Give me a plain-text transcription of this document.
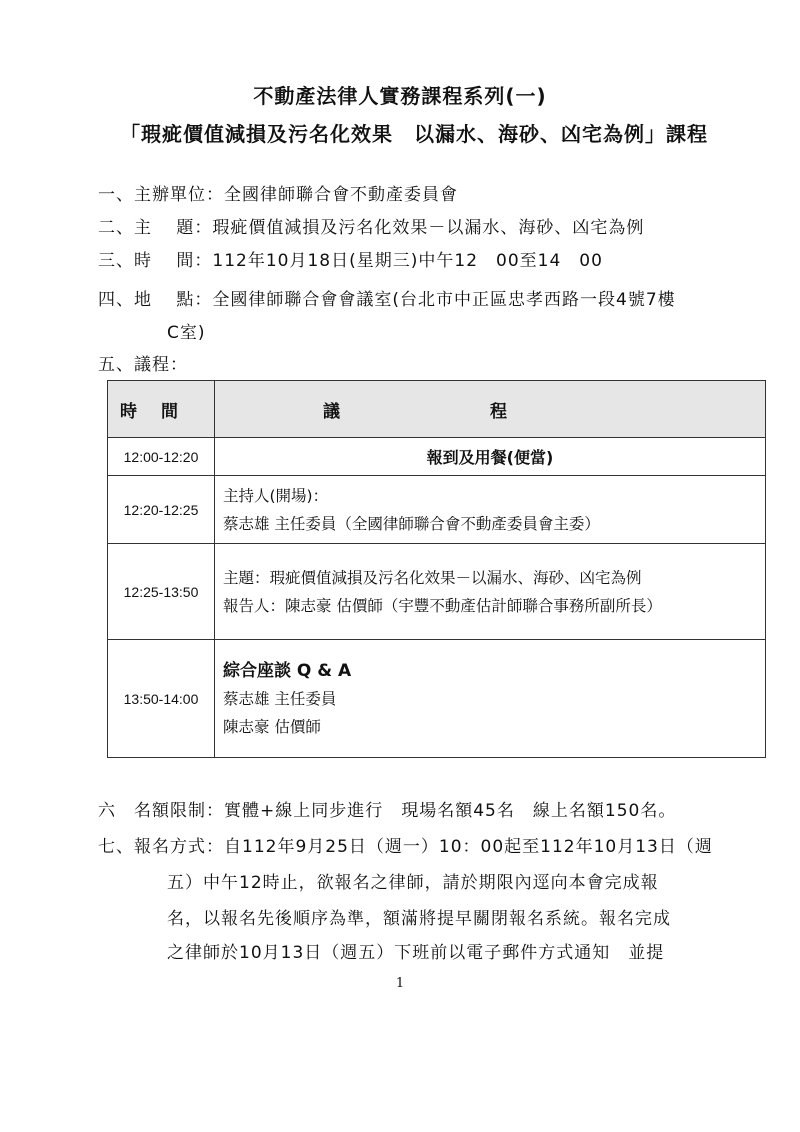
不動產法律人實務課程系列(一)
「瑕疵價值減損及污名化效果　以漏水、海砂、凶宅為例」課程
一、主辦單位：全國律師聯合會不動產委員會
二、主　 題：瑕疵價值減損及污名化效果－以漏水、海砂、凶宅為例
三、時　 間：112年10月18日(星期三)中午12　00至14　00
四、地　 點：全國律師聯合會會議室(台北市中正區忠孝西路一段4號7樓
C室)
五、議程：
時間	議程
12:00-12:20	報到及用餐(便當)
12:20-12:25	主持人(開場)：
蔡志雄 主任委員（全國律師聯合會不動產委員會主委）

12:25-13:50	主題：瑕疵價值減損及污名化效果－以漏水、海砂、凶宅為例
報告人：陳志豪 估價師（宇豐不動產估計師聯合事務所副所長）

13:50-14:00	綜合座談 Q & A
蔡志雄 主任委員
陳志豪 估價師
六　名額限制：實體+線上同步進行　現場名額45名　線上名額150名。
七、報名方式：自112年9月25日（週一）10：00起至112年10月13日（週
五）中午12時止，欲報名之律師，請於期限內逕向本會完成報
名，以報名先後順序為準，額滿將提早關閉報名系統。報名完成
之律師於10月13日（週五）下班前以電子郵件方式通知　並提
1
